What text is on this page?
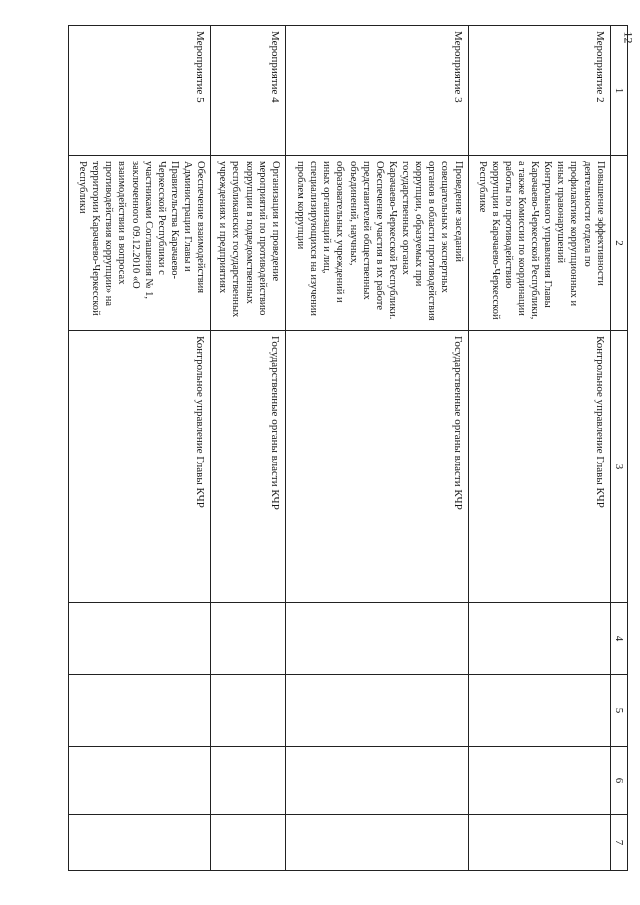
12
1	2	3	4	5	6	7
Мероприятие 2	Повышение эффективности деятельности отдела по профилактике коррупционных и иных правонарушений Контрольного управления Главы Карачаево-Черкесской Республики, а также Комиссии по координации работы по противодействию коррупции в Карачаево-Черкесской Республике	Контрольное управление Главы КЧР				
Мероприятие 3	Проведение заседаний совещательных и экспертных органов в области противодействия коррупции, образуемых при государственных органах Карачаево-Черкесской Республики. Обеспечение участия в их работе представителей общественных объединений, научных, образовательных учреждений и иных организаций и лиц, специализирующихся на изучении проблем коррупции	Государственные органы власти КЧР				
Мероприятие 4	Организация и проведение мероприятий по противодействию коррупции в подведомственных республиканских государственных учреждениях и предприятиях	Государственные органы власти КЧР				
Мероприятие 5	Обеспечение взаимодействия Администрации Главы и Правительства Карачаево-Черкесской Республики с участниками Соглашения № 1, заключенного 09.12.2010 «О взаимодействии в вопросах противодействия коррупции» на территории Карачаево-Черкесской Республики	Контрольное управление Главы КЧР				
